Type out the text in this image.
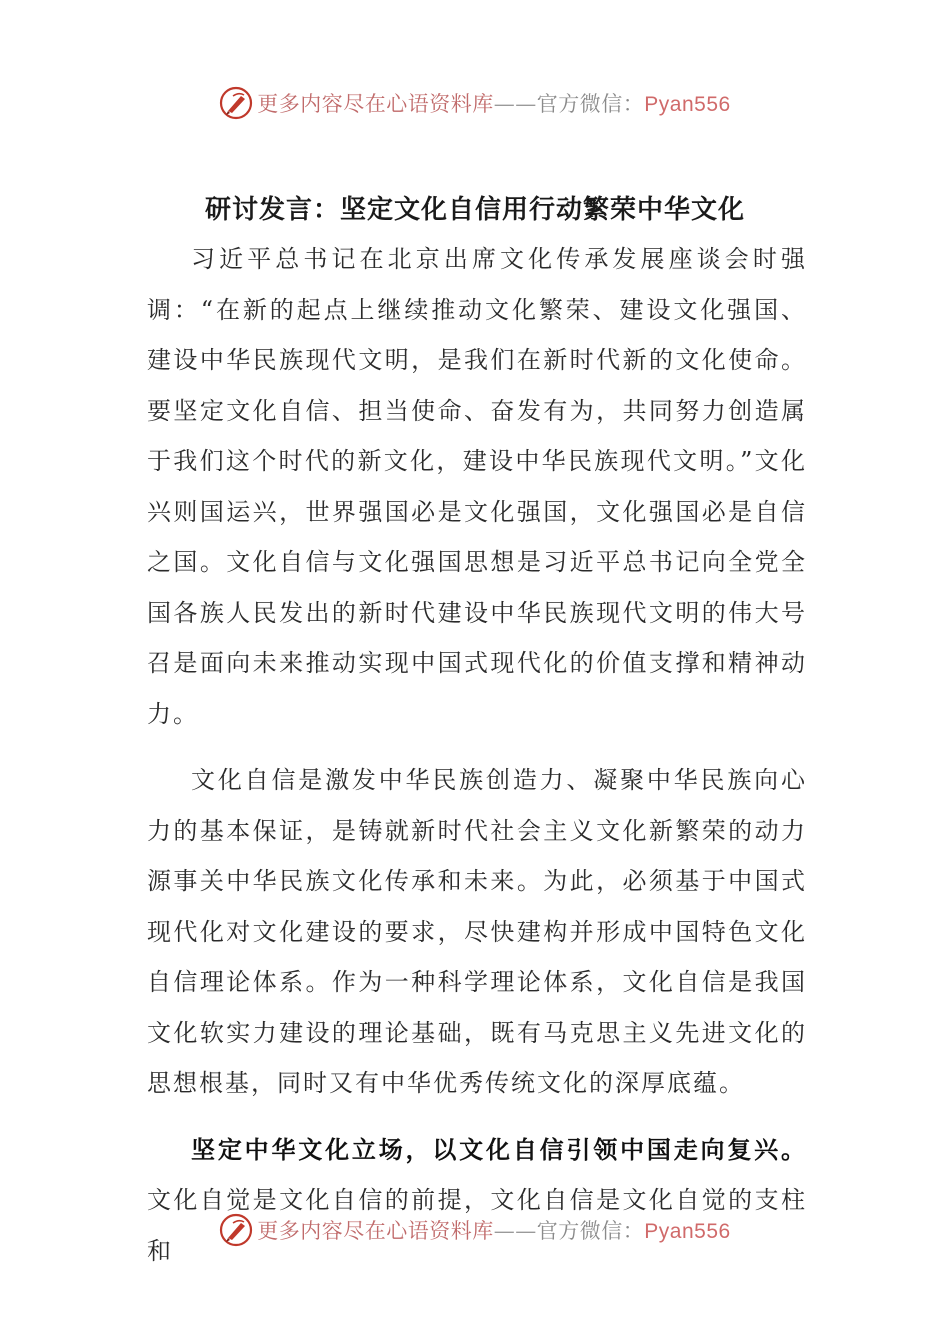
更多内容尽在心语资料库——官方微信：Pyan556
研讨发言：坚定文化自信用行动繁荣中华文化

习近平总书记在北京出席文化传承发展座谈会时强调：“在新的起点上继续推动文化繁荣、建设文化强国、建设中华民族现代文明，是我们在新时代新的文化使命。要坚定文化自信、担当使命、奋发有为，共同努力创造属于我们这个时代的新文化，建设中华民族现代文明。”文化兴则国运兴，世界强国必是文化强国，文化强国必是自信之国。文化自信与文化强国思想是习近平总书记向全党全国各族人民发出的新时代建设中华民族现代文明的伟大号召是面向未来推动实现中国式现代化的价值支撑和精神动力。

文化自信是激发中华民族创造力、凝聚中华民族向心力的基本保证，是铸就新时代社会主义文化新繁荣的动力源事关中华民族文化传承和未来。为此，必须基于中国式现代化对文化建设的要求，尽快建构并形成中国特色文化自信理论体系。作为一种科学理论体系，文化自信是我国文化软实力建设的理论基础，既有马克思主义先进文化的思想根基，同时又有中华优秀传统文化的深厚底蕴。

坚定中华文化立场，以文化自信引领中国走向复兴。文化自觉是文化自信的前提，文化自信是文化自觉的支柱和

更多内容尽在心语资料库——官方微信：Pyan556
